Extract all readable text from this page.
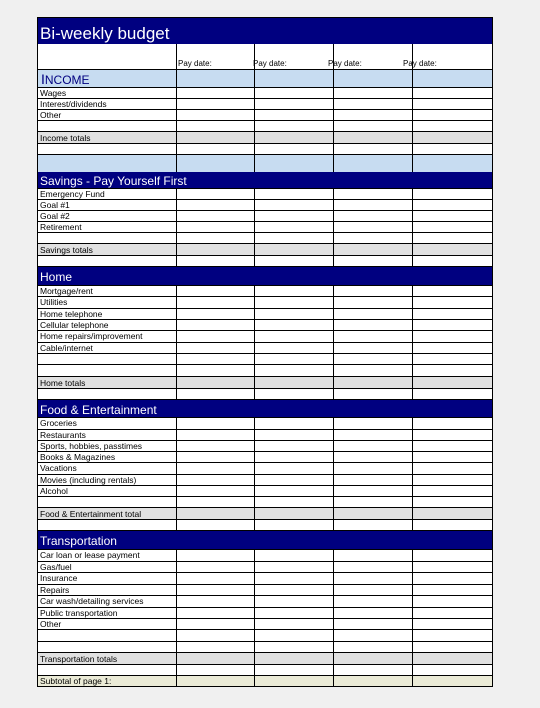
Bi-weekly budget
Pay date:	Pay date:	Pay date:	Pay date:
INCOME
Wages
Interest/dividends
Other
Income totals
Savings - Pay Yourself First
Emergency Fund
Goal #1
Goal #2
Retirement
Savings totals
Home
Mortgage/rent
Utilities
Home telephone
Cellular telephone
Home repairs/improvement
Cable/internet
Home totals
Food & Entertainment
Groceries
Restaurants
Sports, hobbies, passtimes
Books & Magazines
Vacations
Movies (including rentals)
Alcohol
Food & Entertainment total
Transportation
Car loan or lease payment
Gas/fuel
Insurance
Repairs
Car wash/detailing services
Public transportation
Other
Transportation totals
Subtotal of page 1:
